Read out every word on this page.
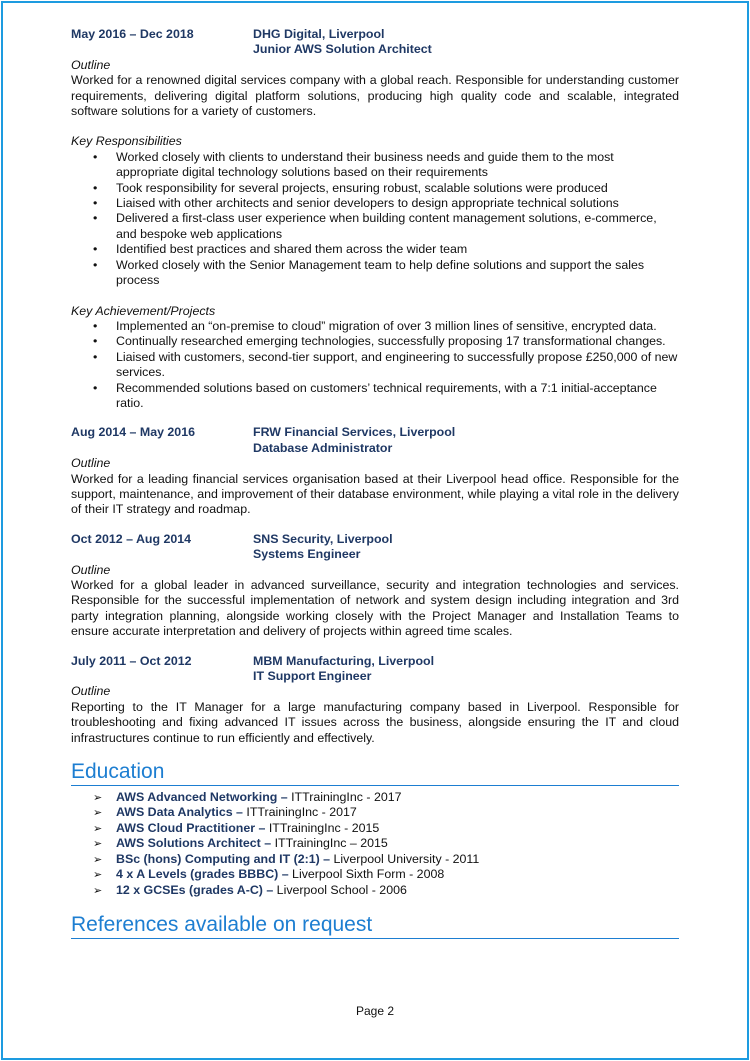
May 2016 – Dec 2018	DHG Digital, Liverpool
Junior AWS Solution Architect
Outline
Worked for a renowned digital services company with a global reach. Responsible for understanding customer requirements, delivering digital platform solutions, producing high quality code and scalable, integrated software solutions for a variety of customers.
Key Responsibilities
• Worked closely with clients to understand their business needs and guide them to the most appropriate digital technology solutions based on their requirements
• Took responsibility for several projects, ensuring robust, scalable solutions were produced
• Liaised with other architects and senior developers to design appropriate technical solutions
• Delivered a first-class user experience when building content management solutions, e-commerce, and bespoke web applications
• Identified best practices and shared them across the wider team
• Worked closely with the Senior Management team to help define solutions and support the sales process
Key Achievement/Projects
• Implemented an “on-premise to cloud” migration of over 3 million lines of sensitive, encrypted data.
• Continually researched emerging technologies, successfully proposing 17 transformational changes.
• Liaised with customers, second-tier support, and engineering to successfully propose £250,000 of new services.
• Recommended solutions based on customers’ technical requirements, with a 7:1 initial-acceptance ratio.
Aug 2014 – May 2016	FRW Financial Services, Liverpool
Database Administrator
Outline
Worked for a leading financial services organisation based at their Liverpool head office. Responsible for the support, maintenance, and improvement of their database environment, while playing a vital role in the delivery of their IT strategy and roadmap.
Oct 2012 – Aug 2014	SNS Security, Liverpool
Systems Engineer
Outline
Worked for a global leader in advanced surveillance, security and integration technologies and services. Responsible for the successful implementation of network and system design including integration and 3rd party integration planning, alongside working closely with the Project Manager and Installation Teams to ensure accurate interpretation and delivery of projects within agreed time scales.
July 2011 – Oct 2012	MBM Manufacturing, Liverpool
IT Support Engineer
Outline
Reporting to the IT Manager for a large manufacturing company based in Liverpool. Responsible for troubleshooting and fixing advanced IT issues across the business, alongside ensuring the IT and cloud infrastructures continue to run efficiently and effectively.
Education
➢ AWS Advanced Networking – ITTrainingInc - 2017
➢ AWS Data Analytics – ITTrainingInc - 2017
➢ AWS Cloud Practitioner – ITTrainingInc - 2015
➢ AWS Solutions Architect – ITTrainingInc – 2015
➢ BSc (hons) Computing and IT (2:1) – Liverpool University - 2011
➢ 4 x A Levels (grades BBBC) – Liverpool Sixth Form - 2008
➢ 12 x GCSEs (grades A-C) – Liverpool School - 2006
References available on request
Page 2
